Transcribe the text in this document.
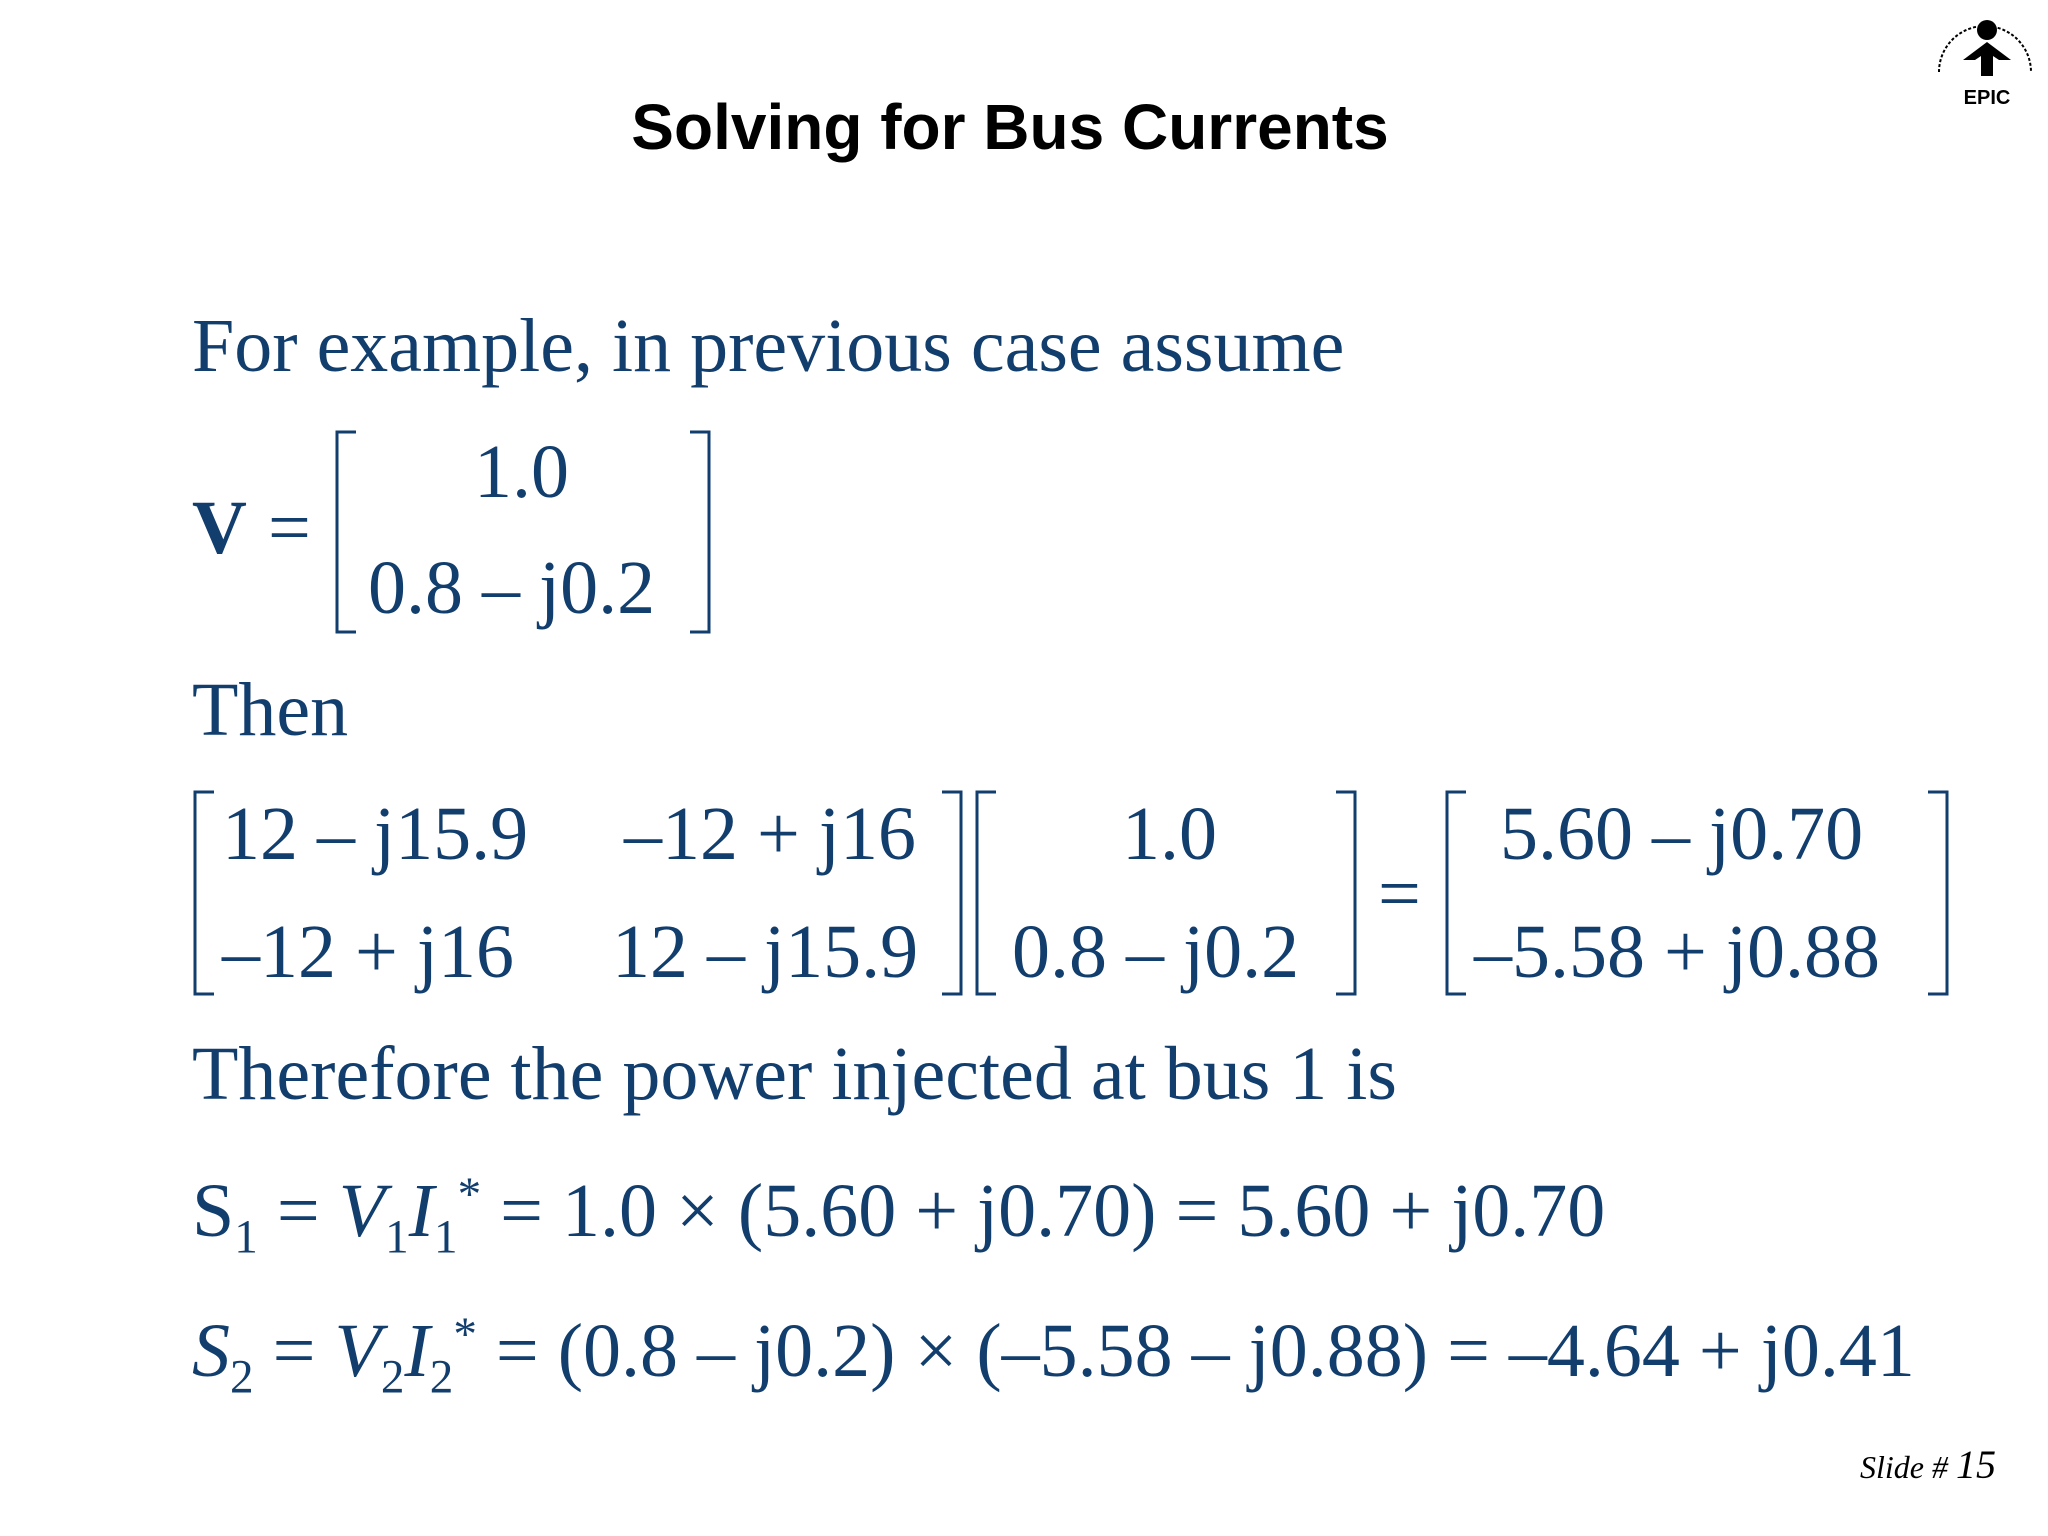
Solving for Bus Currents	EPIC
For example, in previous case assume
V =
1.0
0.8 – j0.2
Then
12 – j15.9 –12 + j16
–12 + j16 12 – j15.9
1.0
0.8 – j0.2
=
5.60 – j0.70
–5.58 + j0.88
Therefore the power injected at bus 1 is
$S_1 = V_1I_1^* = 1.0 \times (5.60 + j0.70) = 5.60 + j0.70$
$S_2 = V_2I_2^* = (0.8 - j0.2) \times (-5.58 - j0.88) = -4.64 + j0.41$
Slide # 15
